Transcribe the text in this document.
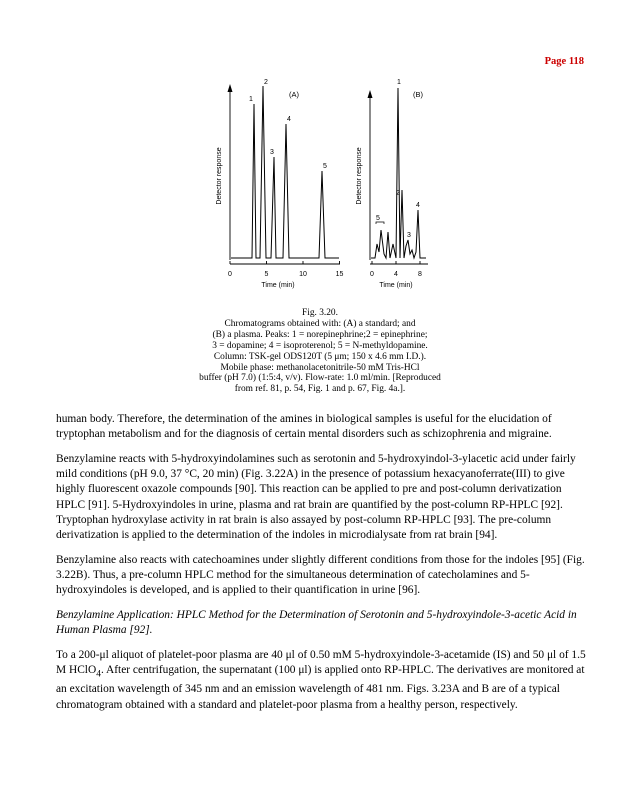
Page 118
(A)
1
2
3
4
5
0	5	10	15
Time (min)
Detector response
(B)
1
2
3
4
5
0	4	8
Time (min)
Detector response
Fig. 3.20.
Chromatograms obtained with: (A) a standard; and
(B) a plasma. Peaks: 1 = norepinephrine;2 = epinephrine;
3 = dopamine; 4 = isoproterenol; 5 = N-methyldopamine.
Column: TSK-gel ODS120T (5 μm; 150 x 4.6 mm I.D.).
Mobile phase: methanolacetonitrile-50 mM Tris-HCl
buffer (pH 7.0) (1:5:4, v/v). Flow-rate: 1.0 ml/min. [Reproduced
from ref. 81, p. 54, Fig. 1 and p. 67, Fig. 4a.].

human body. Therefore, the determination of the amines in biological samples is useful for the elucidation of tryptophan metabolism and for the diagnosis of certain mental disorders such as schizophrenia and migraine.

Benzylamine reacts with 5-hydroxyindolamines such as serotonin and 5-hydroxyindol-3-ylacetic acid under fairly mild conditions (pH 9.0, 37 °C, 20 min) (Fig. 3.22A) in the presence of potassium hexacyanoferrate(III) to give highly fluorescent oxazole compounds [90]. This reaction can be applied to pre and post-column derivatization HPLC [91]. 5-Hydroxyindoles in urine, plasma and rat brain are quantified by the post-column RP-HPLC [92]. Tryptophan hydroxylase activity in rat brain is also assayed by post-column RP-HPLC [93]. The pre-column derivatization is applied to the determination of the indoles in microdialysate from rat brain [94].

Benzylamine also reacts with catechoamines under slightly different conditions from those for the indoles [95] (Fig. 3.22B). Thus, a pre-column HPLC method for the simultaneous determination of catecholamines and 5-hydroxyindoles is developed, and is applied to their quantification in urine [96].

Benzylamine Application: HPLC Method for the Determination of Serotonin and 5-hydroxyindole-3-acetic Acid in Human Plasma [92].

To a 200-μl aliquot of platelet-poor plasma are 40 μl of 0.50 mM 5-hydroxyindole-3-acetamide (IS) and 50 μl of 1.5 M HClO$_4$. After centrifugation, the supernatant (100 μl) is applied onto RP-HPLC. The derivatives are monitored at an excitation wavelength of 345 nm and an emission wavelength of 481 nm. Figs. 3.23A and B are of a typical chromatogram obtained with a standard and platelet-poor plasma from a healthy person, respectively.
